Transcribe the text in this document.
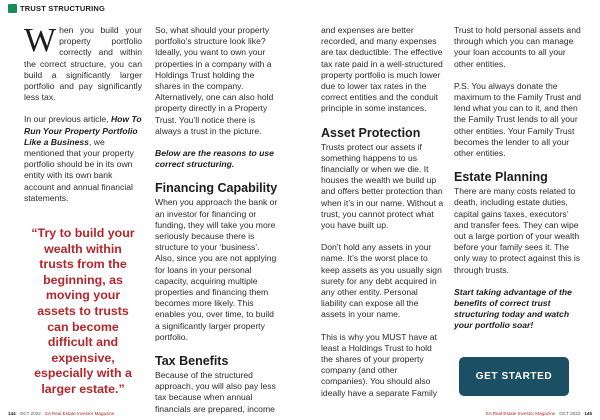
TRUST STRUCTURING

When you build your property portfolio correctly and within the correct structure, you can build a significantly larger portfolio and pay significantly less tax.

In our previous article, How To Run Your Property Portfolio Like a Business, we mentioned that your property portfolio should be in its own entity with its own bank account and annual financial statements.

“Try to build your wealth within trusts from the beginning, as moving your assets to trusts can become difficult and expensive, especially with a larger estate.”

So, what should your property portfolio’s structure look like? Ideally, you want to own your properties in a company with a Holdings Trust holding the shares in the company. Alternatively, one can also hold property directly in a Property Trust. You’ll notice there is always a trust in the picture.

Below are the reasons to use correct structuring.

Financing Capability

When you approach the bank or an investor for financing or funding, they will take you more seriously because there is structure to your ‘business’. Also, since you are not applying for loans in your personal capacity, acquiring multiple properties and financing them becomes more likely. This enables you, over time, to build a significantly larger property portfolio.

Tax Benefits

Because of the structured approach, you will also pay less tax because when annual financials are prepared, income

and expenses are better recorded, and many expenses are tax deductible. The effective tax rate paid in a well-structured property portfolio is much lower due to lower tax rates in the correct entities and the conduit principle in some instances.

Asset Protection

Trusts protect our assets if something happens to us financially or when we die. It houses the wealth we build up and offers better protection than when it’s in our name. Without a trust, you cannot protect what you have built up.

Don’t hold any assets in your name. It’s the worst place to keep assets as you usually sign surety for any debt acquired in any other entity. Personal liability can expose all the assets in your name.

This is why you MUST have at least a Holdings Trust to hold the shares of your property company (and other companies). You should also ideally have a separate Family

Trust to hold personal assets and through which you can manage your loan accounts to all your other entities.

P.S. You always donate the maximum to the Family Trust and lend what you can to it, and then the Family Trust lends to all your other entities. Your Family Trust becomes the lender to all your other entities.

Estate Planning

There are many costs related to death, including estate duties, capital gains taxes, executors’ and transfer fees. They can wipe out a large portion of your wealth before your family sees it. The only way to protect against this is through trusts.

Start taking advantage of the benefits of correct trust structuring today and watch your portfolio soar!

GET STARTED
144 OCT 2022 SA Real Estate Investor Magazine	SA Real Estate Investor Magazine OCT 2022 145
